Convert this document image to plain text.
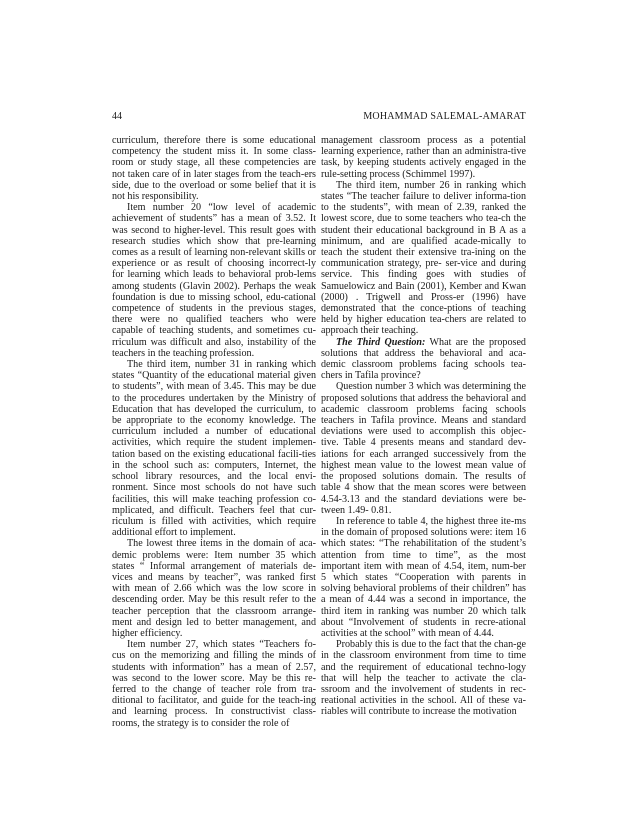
44	MOHAMMAD SALEMAL-AMARAT

curriculum, therefore there is some educational competency the student miss it. In some class-room or study stage, all these competencies are not taken care of in later stages from the teach-ers side, due to the overload or some belief that it is not his responsibility.

Item number 20 “low level of academic achievement of students” has a mean of 3.52. It was second to higher-level. This result goes with research studies which show that pre-learning comes as a result of learning non-relevant skills or experience or as result of choosing incorrect-ly for learning which leads to behavioral prob-lems among students (Glavin 2002). Perhaps the weak foundation is due to missing school, edu-cational competence of students in the previous stages, there were no qualified teachers who were capable of teaching students, and sometimes cu-rriculum was difficult and also, instability of the teachers in the teaching profession.

The third item, number 31 in ranking which states “Quantity of the educational material given to students”, with mean of 3.45. This may be due to the procedures undertaken by the Ministry of Education that has developed the curriculum, to be appropriate to the economy knowledge. The curriculum included a number of educational activities, which require the student implemen-tation based on the existing educational facili-ties in the school such as: computers, Internet, the school library resources, and the local envi-ronment. Since most schools do not have such facilities, this will make teaching profession co-mplicated, and difficult. Teachers feel that cur-riculum is filled with activities, which require additional effort to implement.

The lowest three items in the domain of aca-demic problems were: Item number 35 which states “ Informal arrangement of materials de-vices and means by teacher”, was ranked first with mean of 2.66 which was the low score in descending order. May be this result refer to the teacher perception that the classroom arrange-ment and design led to better management, and higher efficiency.

Item number 27, which states “Teachers fo-cus on the memorizing and filling the minds of students with information” has a mean of 2.57, was second to the lower score. May be this re-ferred to the change of teacher role from tra-ditional to facilitator, and guide for the teach-ing and learning process. In constructivist class-rooms, the strategy is to consider the role of

management classroom process as a potential learning experience, rather than an administra-tive task, by keeping students actively engaged in the rule-setting process (Schimmel 1997).

The third item, number 26 in ranking which states “The teacher failure to deliver informa-tion to the students”, with mean of 2.39, ranked the lowest score, due to some teachers who tea-ch the student their educational background in B A as a minimum, and are qualified acade-mically to teach the student their extensive tra-ining on the communication strategy, pre- ser-vice and during service. This finding goes with studies of Samuelowicz and Bain (2001), Kember and Kwan (2000) . Trigwell and Pross-er (1996) have demonstrated that the conce-ptions of teaching held by higher education tea-chers are related to approach their teaching.

The Third Question: What are the proposed solutions that address the behavioral and aca-demic classroom problems facing schools tea-chers in Tafila province?

Question number 3 which was determining the proposed solutions that address the behavioral and academic classroom problems facing schools teachers in Tafila province. Means and standard deviations were used to accomplish this objec-tive. Table 4 presents means and standard dev-iations for each arranged successively from the highest mean value to the lowest mean value of the proposed solutions domain. The results of table 4 show that the mean scores were between 4.54-3.13 and the standard deviations were be-tween 1.49- 0.81.

In reference to table 4, the highest three ite-ms in the domain of proposed solutions were: item 16 which states: “The rehabilitation of the student’s attention from time to time”, as the most important item with mean of 4.54, item, num-ber 5 which states “Cooperation with parents in solving behavioral problems of their children” has a mean of 4.44 was a second in importance, the third item in ranking was number 20 which talk about “Involvement of students in recre-ational activities at the school” with mean of 4.44.

Probably this is due to the fact that the chan-ge in the classroom environment from time to time and the requirement of educational techno-logy that will help the teacher to activate the cla-ssroom and the involvement of students in rec-reational activities in the school. All of these va-riables will contribute to increase the motivation
